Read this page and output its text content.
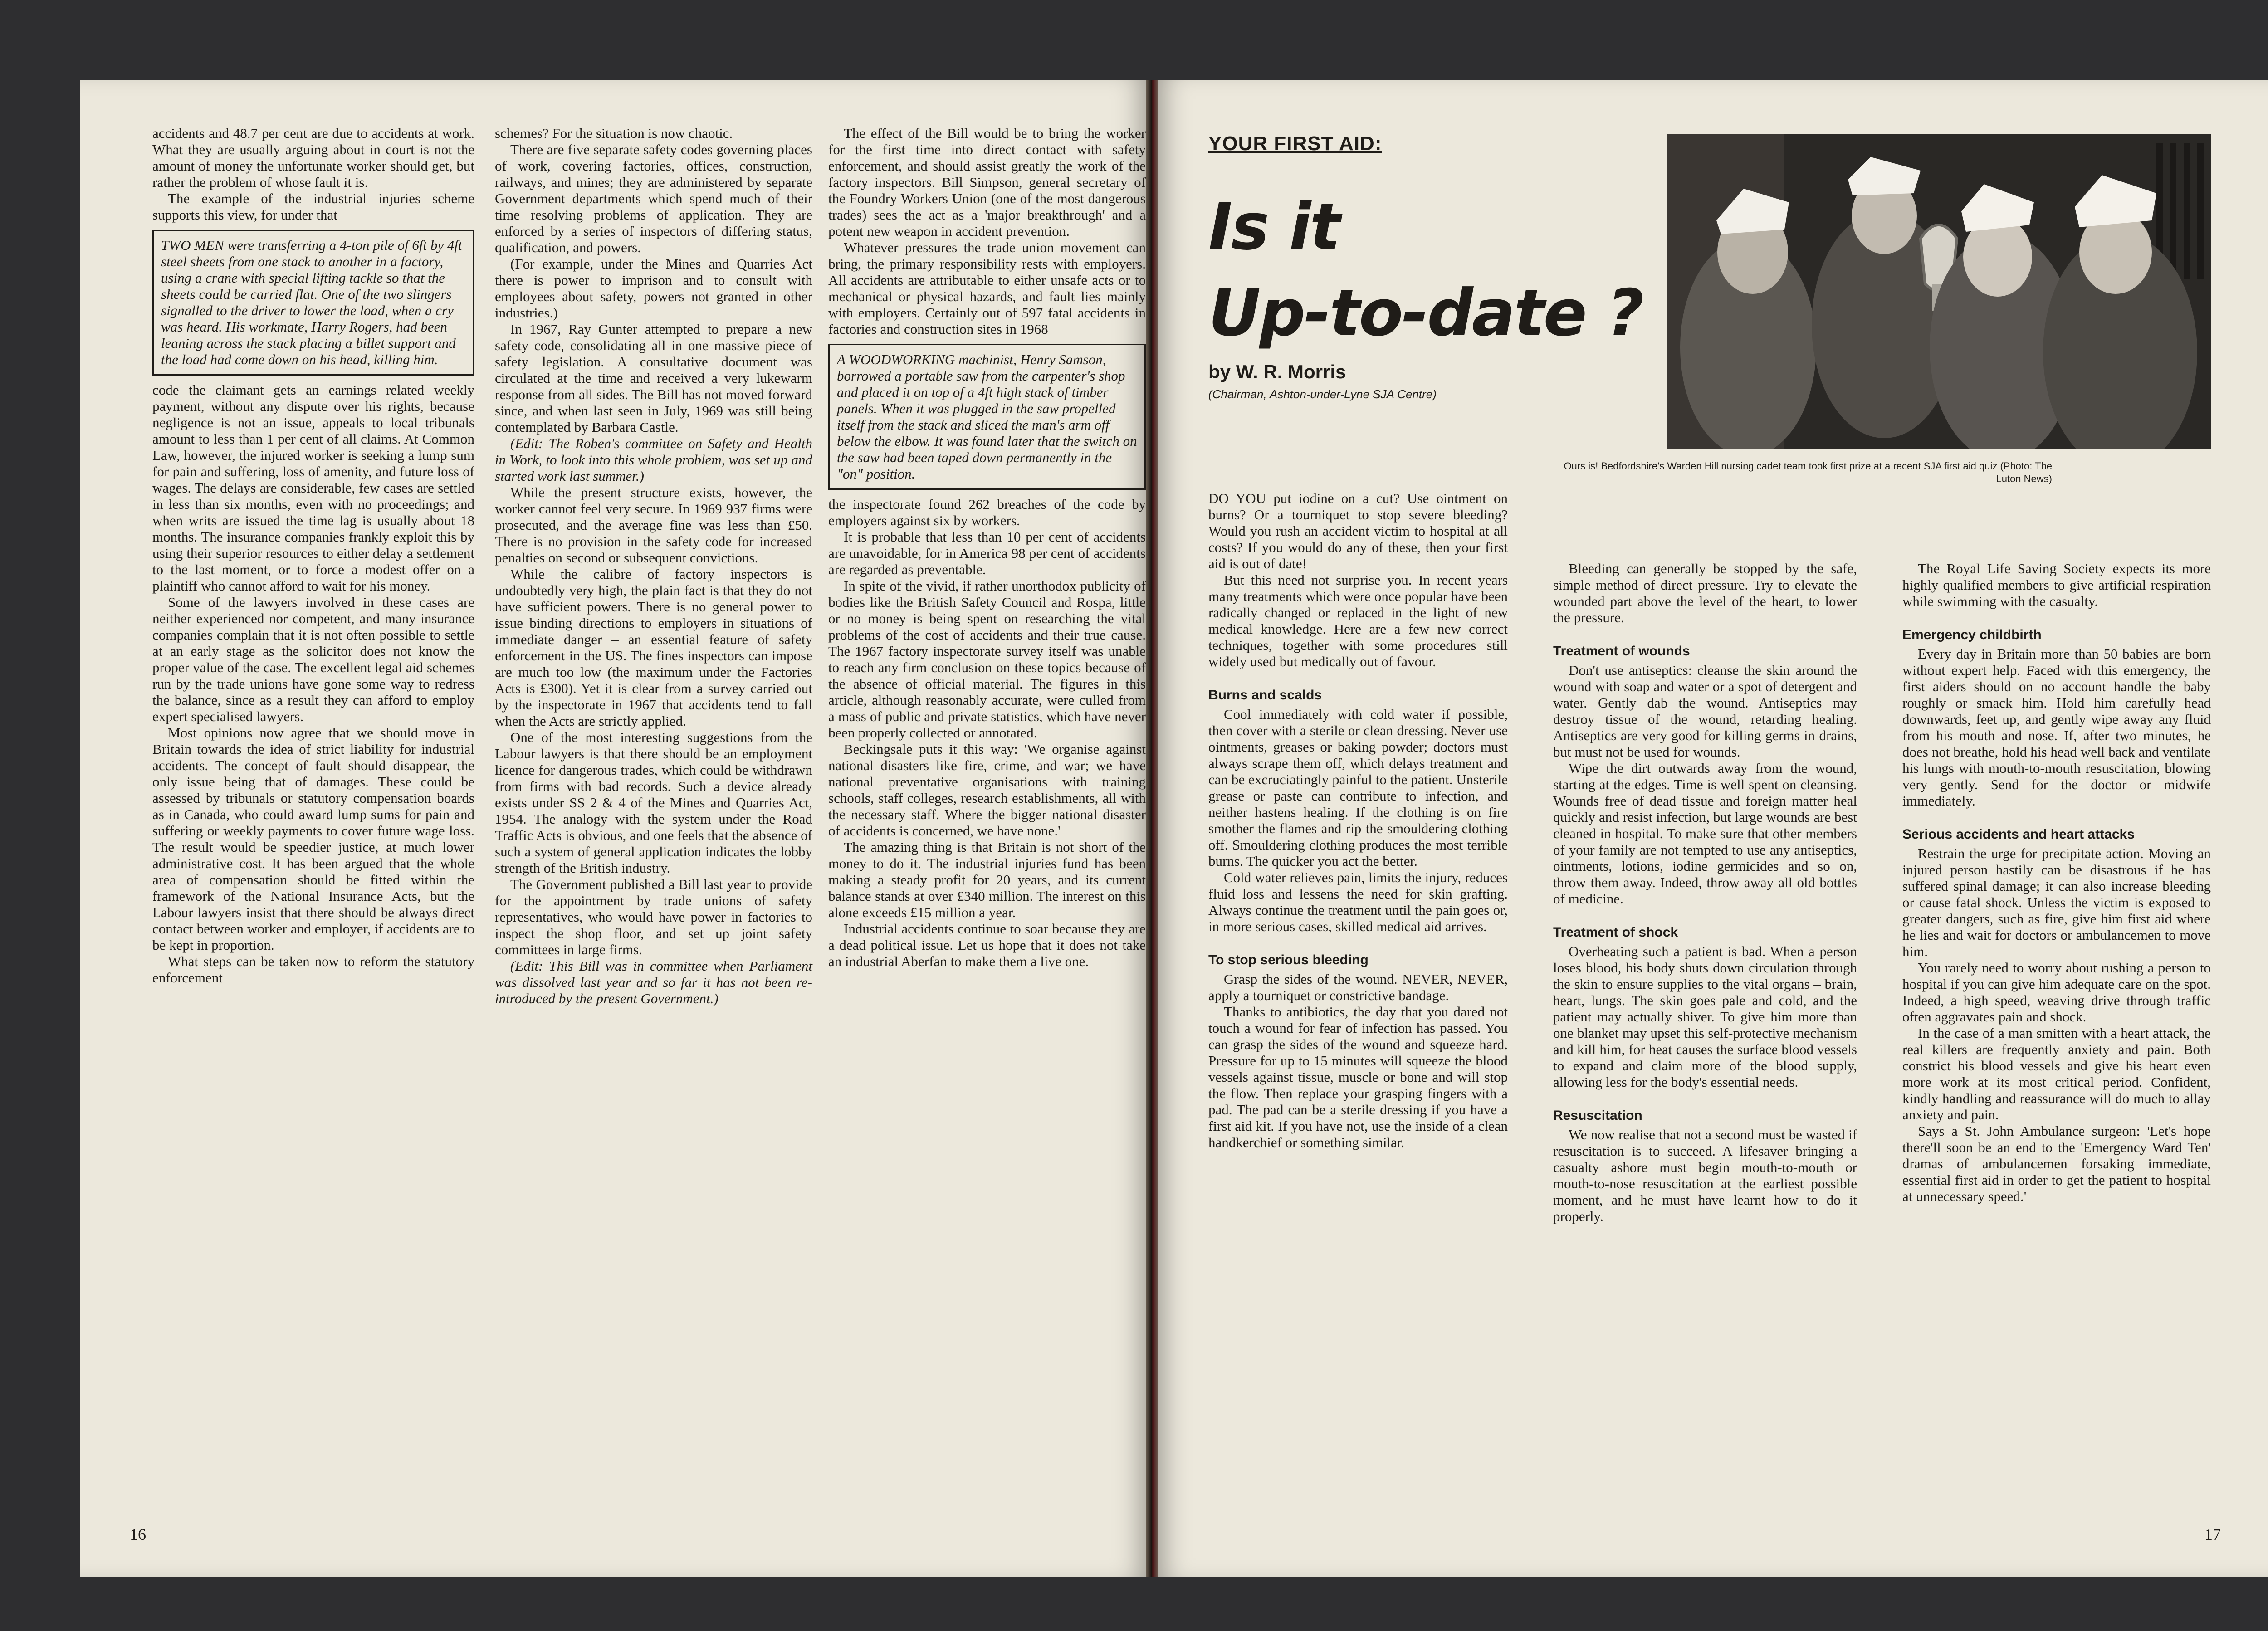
accidents and 48.7 per cent are due to accidents at work. What they are usually arguing about in court is not the amount of money the unfortunate worker should get, but rather the problem of whose fault it is.

The example of the industrial injuries scheme supports this view, for under that

TWO MEN were transferring a 4-ton pile of 6ft by 4ft steel sheets from one stack to another in a factory, using a crane with special lifting tackle so that the sheets could be carried flat. One of the two slingers signalled to the driver to lower the load, when a cry was heard. His workmate, Harry Rogers, had been leaning across the stack placing a billet support and the load had come down on his head, killing him.

code the claimant gets an earnings related weekly payment, without any dispute over his rights, because negligence is not an issue, appeals to local tribunals amount to less than 1 per cent of all claims. At Common Law, however, the injured worker is seeking a lump sum for pain and suffering, loss of amenity, and future loss of wages. The delays are considerable, few cases are settled in less than six months, even with no proceedings; and when writs are issued the time lag is usually about 18 months. The insurance companies frankly exploit this by using their superior resources to either delay a settlement to the last moment, or to force a modest offer on a plaintiff who cannot afford to wait for his money.

Some of the lawyers involved in these cases are neither experienced nor competent, and many insurance companies complain that it is not often possible to settle at an early stage as the solicitor does not know the proper value of the case. The excellent legal aid schemes run by the trade unions have gone some way to redress the balance, since as a result they can afford to employ expert specialised lawyers.

Most opinions now agree that we should move in Britain towards the idea of strict liability for industrial accidents. The concept of fault should disappear, the only issue being that of damages. These could be assessed by tribunals or statutory compensation boards as in Canada, who could award lump sums for pain and suffering or weekly payments to cover future wage loss. The result would be speedier justice, at much lower administrative cost. It has been argued that the whole area of compensation should be fitted within the framework of the National Insurance Acts, but the Labour lawyers insist that there should be always direct contact between worker and employer, if accidents are to be kept in proportion.

What steps can be taken now to reform the statutory enforcement

schemes? For the situation is now chaotic.

There are five separate safety codes governing places of work, covering factories, offices, construction, railways, and mines; they are administered by separate Government departments which spend much of their time resolving problems of application. They are enforced by a series of inspectors of differing status, qualification, and powers.

(For example, under the Mines and Quarries Act there is power to imprison and to consult with employees about safety, powers not granted in other industries.)

In 1967, Ray Gunter attempted to prepare a new safety code, consolidating all in one massive piece of safety legislation. A consultative document was circulated at the time and received a very lukewarm response from all sides. The Bill has not moved forward since, and when last seen in July, 1969 was still being contemplated by Barbara Castle.

(Edit: The Roben's committee on Safety and Health in Work, to look into this whole problem, was set up and started work last summer.)

While the present structure exists, however, the worker cannot feel very secure. In 1969 937 firms were prosecuted, and the average fine was less than £50. There is no provision in the safety code for increased penalties on second or subsequent convictions.

While the calibre of factory inspectors is undoubtedly very high, the plain fact is that they do not have sufficient powers. There is no general power to issue binding directions to employers in situations of immediate danger – an essential feature of safety enforcement in the US. The fines inspectors can impose are much too low (the maximum under the Factories Acts is £300). Yet it is clear from a survey carried out by the inspectorate in 1967 that accidents tend to fall when the Acts are strictly applied.

One of the most interesting suggestions from the Labour lawyers is that there should be an employment licence for dangerous trades, which could be withdrawn from firms with bad records. Such a device already exists under SS 2 & 4 of the Mines and Quarries Act, 1954. The analogy with the system under the Road Traffic Acts is obvious, and one feels that the absence of such a system of general application indicates the lobby strength of the British industry.

The Government published a Bill last year to provide for the appointment by trade unions of safety representatives, who would have power in factories to inspect the shop floor, and set up joint safety committees in large firms.

(Edit: This Bill was in committee when Parliament was dissolved last year and so far it has not been re-introduced by the present Government.)

The effect of the Bill would be to bring the worker for the first time into direct contact with safety enforcement, and should assist greatly the work of the factory inspectors. Bill Simpson, general secretary of the Foundry Workers Union (one of the most dangerous trades) sees the act as a 'major breakthrough' and a potent new weapon in accident prevention.

Whatever pressures the trade union movement can bring, the primary responsibility rests with employers. All accidents are attributable to either unsafe acts or to mechanical or physical hazards, and fault lies mainly with employers. Certainly out of 597 fatal accidents in factories and construction sites in 1968

A WOODWORKING machinist, Henry Samson, borrowed a portable saw from the carpenter's shop and placed it on top of a 4ft high stack of timber panels. When it was plugged in the saw propelled itself from the stack and sliced the man's arm off below the elbow. It was found later that the switch on the saw had been taped down permanently in the "on" position.

the inspectorate found 262 breaches of the code by employers against six by workers.

It is probable that less than 10 per cent of accidents are unavoidable, for in America 98 per cent of accidents are regarded as preventable.

In spite of the vivid, if rather unorthodox publicity of bodies like the British Safety Council and Rospa, little or no money is being spent on researching the vital problems of the cost of accidents and their true cause. The 1967 factory inspectorate survey itself was unable to reach any firm conclusion on these topics because of the absence of official material. The figures in this article, although reasonably accurate, were culled from a mass of public and private statistics, which have never been properly collected or annotated.

Beckingsale puts it this way: 'We organise against national disasters like fire, crime, and war; we have national preventative organisations with training schools, staff colleges, research establishments, all with the necessary staff. Where the bigger national disaster of accidents is concerned, we have none.'

The amazing thing is that Britain is not short of the money to do it. The industrial injuries fund has been making a steady profit for 20 years, and its current balance stands at over £340 million. The interest on this alone exceeds £15 million a year.

Industrial accidents continue to soar because they are a dead political issue. Let us hope that it does not take an industrial Aberfan to make them a live one.

16
YOUR FIRST AID:
Is it
Up-to-date ?
by W. R. Morris
(Chairman, Ashton-under-Lyne SJA Centre)
Ours is! Bedfordshire's Warden Hill nursing cadet team took first prize at a recent SJA first aid quiz (Photo: The Luton News)

DO YOU put iodine on a cut? Use ointment on burns? Or a tourniquet to stop severe bleeding? Would you rush an accident victim to hospital at all costs? If you would do any of these, then your first aid is out of date!

But this need not surprise you. In recent years many treatments which were once popular have been radically changed or replaced in the light of new medical knowledge. Here are a few new correct techniques, together with some procedures still widely used but medically out of favour.

Burns and scalds

Cool immediately with cold water if possible, then cover with a sterile or clean dressing. Never use ointments, greases or baking powder; doctors must always scrape them off, which delays treatment and can be excruciatingly painful to the patient. Unsterile grease or paste can contribute to infection, and neither hastens healing. If the clothing is on fire smother the flames and rip the smouldering clothing off. Smouldering clothing produces the most terrible burns. The quicker you act the better.

Cold water relieves pain, limits the injury, reduces fluid loss and lessens the need for skin grafting. Always continue the treatment until the pain goes or, in more serious cases, skilled medical aid arrives.

To stop serious bleeding

Grasp the sides of the wound. NEVER, NEVER, apply a tourniquet or constrictive bandage.

Thanks to antibiotics, the day that you dared not touch a wound for fear of infection has passed. You can grasp the sides of the wound and squeeze hard. Pressure for up to 15 minutes will squeeze the blood vessels against tissue, muscle or bone and will stop the flow. Then replace your grasping fingers with a pad. The pad can be a sterile dressing if you have a first aid kit. If you have not, use the inside of a clean handkerchief or something similar.

Bleeding can generally be stopped by the safe, simple method of direct pressure. Try to elevate the wounded part above the level of the heart, to lower the pressure.

Treatment of wounds

Don't use antiseptics: cleanse the skin around the wound with soap and water or a spot of detergent and water. Gently dab the wound. Antiseptics may destroy tissue of the wound, retarding healing. Antiseptics are very good for killing germs in drains, but must not be used for wounds.

Wipe the dirt outwards away from the wound, starting at the edges. Time is well spent on cleansing. Wounds free of dead tissue and foreign matter heal quickly and resist infection, but large wounds are best cleaned in hospital. To make sure that other members of your family are not tempted to use any antiseptics, ointments, lotions, iodine germicides and so on, throw them away. Indeed, throw away all old bottles of medicine.

Treatment of shock

Overheating such a patient is bad. When a person loses blood, his body shuts down circulation through the skin to ensure supplies to the vital organs – brain, heart, lungs. The skin goes pale and cold, and the patient may actually shiver. To give him more than one blanket may upset this self-protective mechanism and kill him, for heat causes the surface blood vessels to expand and claim more of the blood supply, allowing less for the body's essential needs.

Resuscitation

We now realise that not a second must be wasted if resuscitation is to succeed. A lifesaver bringing a casualty ashore must begin mouth-to-mouth or mouth-to-nose resuscitation at the earliest possible moment, and he must have learnt how to do it properly.

The Royal Life Saving Society expects its more highly qualified members to give artificial respiration while swimming with the casualty.

Emergency childbirth

Every day in Britain more than 50 babies are born without expert help. Faced with this emergency, the first aiders should on no account handle the baby roughly or smack him. Hold him carefully head downwards, feet up, and gently wipe away any fluid from his mouth and nose. If, after two minutes, he does not breathe, hold his head well back and ventilate his lungs with mouth-to-mouth resuscitation, blowing very gently. Send for the doctor or midwife immediately.

Serious accidents and heart attacks

Restrain the urge for precipitate action. Moving an injured person hastily can be disastrous if he has suffered spinal damage; it can also increase bleeding or cause fatal shock. Unless the victim is exposed to greater dangers, such as fire, give him first aid where he lies and wait for doctors or ambulancemen to move him.

You rarely need to worry about rushing a person to hospital if you can give him adequate care on the spot. Indeed, a high speed, weaving drive through traffic often aggravates pain and shock.

In the case of a man smitten with a heart attack, the real killers are frequently anxiety and pain. Both constrict his blood vessels and give his heart even more work at its most critical period. Confident, kindly handling and reassurance will do much to allay anxiety and pain.

Says a St. John Ambulance surgeon: 'Let's hope there'll soon be an end to the 'Emergency Ward Ten' dramas of ambulancemen forsaking immediate, essential first aid in order to get the patient to hospital at unnecessary speed.'

17
